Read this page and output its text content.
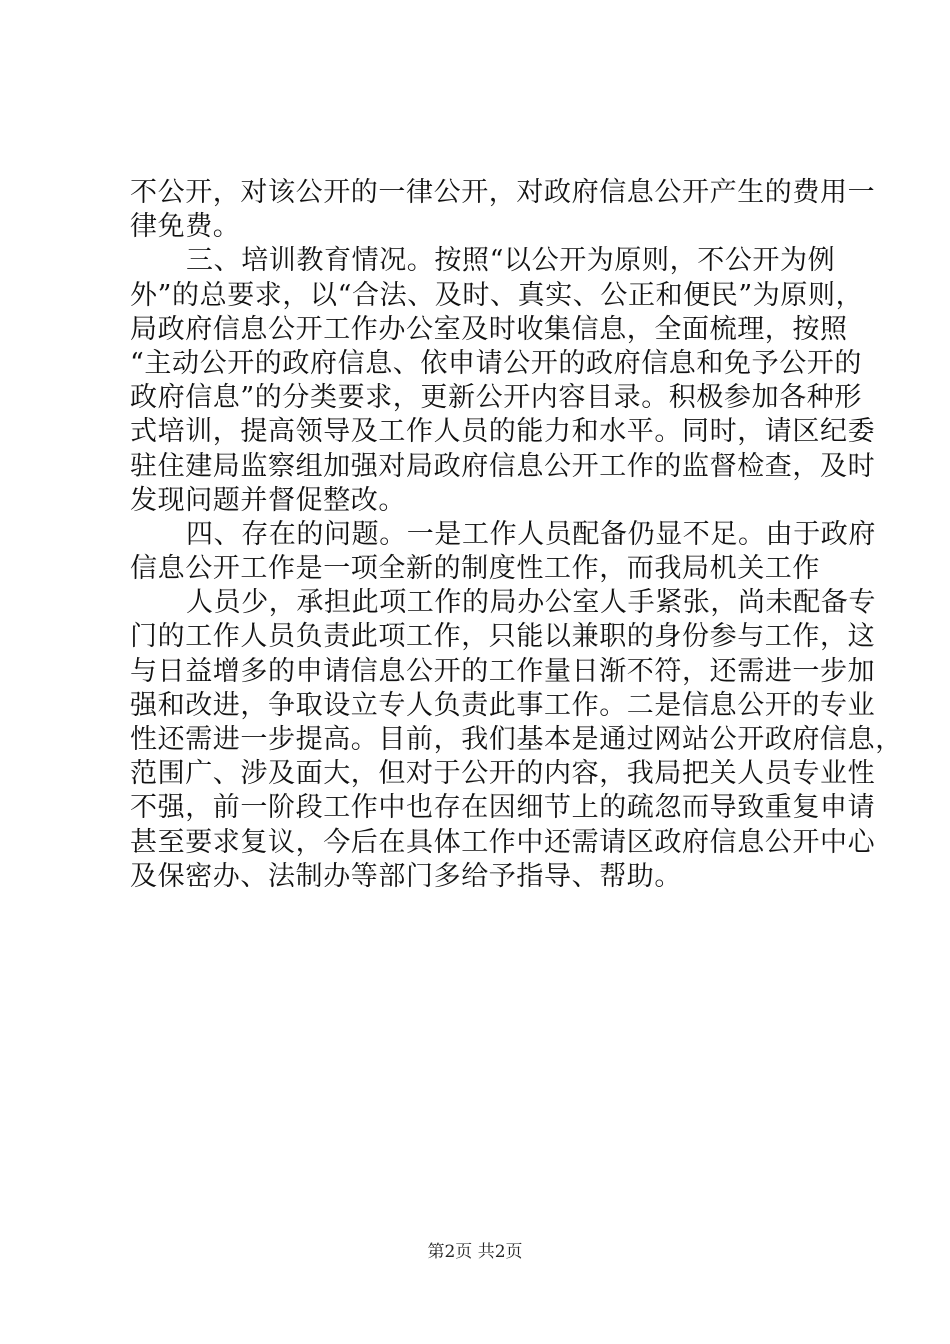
不公开，对该公开的一律公开，对政府信息公开产生的费用一
律免费。
三、培训教育情况。按照“以公开为原则，不公开为例
外”的总要求，以“合法、及时、真实、公正和便民”为原则，
局政府信息公开工作办公室及时收集信息，全面梳理，按照
“主动公开的政府信息、依申请公开的政府信息和免予公开的
政府信息”的分类要求，更新公开内容目录。积极参加各种形
式培训，提高领导及工作人员的能力和水平。同时，请区纪委
驻住建局监察组加强对局政府信息公开工作的监督检查，及时
发现问题并督促整改。
四、存在的问题。一是工作人员配备仍显不足。由于政府
信息公开工作是一项全新的制度性工作，而我局机关工作
人员少，承担此项工作的局办公室人手紧张，尚未配备专
门的工作人员负责此项工作，只能以兼职的身份参与工作，这
与日益增多的申请信息公开的工作量日渐不符，还需进一步加
强和改进，争取设立专人负责此事工作。二是信息公开的专业
性还需进一步提高。目前，我们基本是通过网站公开政府信息，
范围广、涉及面大，但对于公开的内容，我局把关人员专业性
不强，前一阶段工作中也存在因细节上的疏忽而导致重复申请
甚至要求复议，今后在具体工作中还需请区政府信息公开中心
及保密办、法制办等部门多给予指导、帮助。
第2页 共2页
